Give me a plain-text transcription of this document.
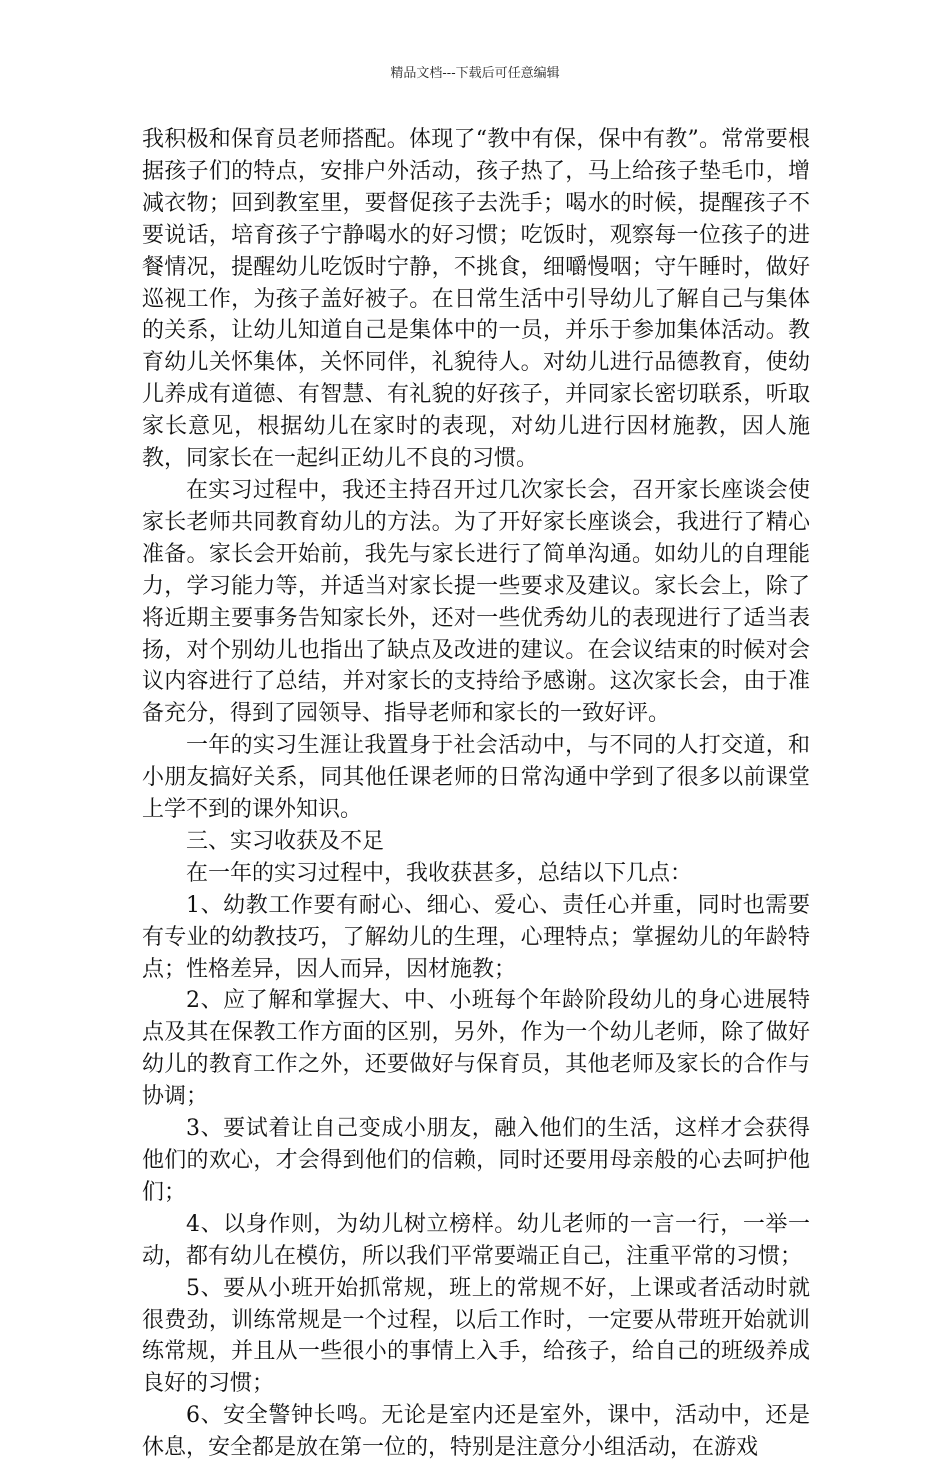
精品文档---下载后可任意编辑

我积极和保育员老师搭配。体现了“教中有保，保中有教”。常常要根据孩子们的特点，安排户外活动，孩子热了，马上给孩子垫毛巾，增减衣物；回到教室里，要督促孩子去洗手；喝水的时候，提醒孩子不要说话，培育孩子宁静喝水的好习惯；吃饭时，观察每一位孩子的进餐情况，提醒幼儿吃饭时宁静，不挑食，细嚼慢咽；守午睡时，做好巡视工作，为孩子盖好被子。在日常生活中引导幼儿了解自己与集体的关系，让幼儿知道自己是集体中的一员，并乐于参加集体活动。教育幼儿关怀集体，关怀同伴，礼貌待人。对幼儿进行品德教育，使幼儿养成有道德、有智慧、有礼貌的好孩子，并同家长密切联系，听取家长意见，根据幼儿在家时的表现，对幼儿进行因材施教，因人施教，同家长在一起纠正幼儿不良的习惯。

在实习过程中，我还主持召开过几次家长会，召开家长座谈会使家长老师共同教育幼儿的方法。为了开好家长座谈会，我进行了精心准备。家长会开始前，我先与家长进行了简单沟通。如幼儿的自理能力，学习能力等，并适当对家长提一些要求及建议。家长会上，除了将近期主要事务告知家长外，还对一些优秀幼儿的表现进行了适当表扬，对个别幼儿也指出了缺点及改进的建议。在会议结束的时候对会议内容进行了总结，并对家长的支持给予感谢。这次家长会，由于准备充分，得到了园领导、指导老师和家长的一致好评。

一年的实习生涯让我置身于社会活动中，与不同的人打交道，和小朋友搞好关系，同其他任课老师的日常沟通中学到了很多以前课堂上学不到的课外知识。

三、实习收获及不足

在一年的实习过程中，我收获甚多，总结以下几点：

1、幼教工作要有耐心、细心、爱心、责任心并重，同时也需要有专业的幼教技巧，了解幼儿的生理，心理特点；掌握幼儿的年龄特点；性格差异，因人而异，因材施教；

2、应了解和掌握大、中、小班每个年龄阶段幼儿的身心进展特点及其在保教工作方面的区别，另外，作为一个幼儿老师，除了做好幼儿的教育工作之外，还要做好与保育员，其他老师及家长的合作与协调；

3、要试着让自己变成小朋友，融入他们的生活，这样才会获得他们的欢心，才会得到他们的信赖，同时还要用母亲般的心去呵护他们；

4、以身作则，为幼儿树立榜样。幼儿老师的一言一行，一举一动，都有幼儿在模仿，所以我们平常要端正自己，注重平常的习惯；

5、要从小班开始抓常规，班上的常规不好，上课或者活动时就很费劲，训练常规是一个过程，以后工作时，一定要从带班开始就训练常规，并且从一些很小的事情上入手，给孩子，给自己的班级养成良好的习惯；

6、安全警钟长鸣。无论是室内还是室外，课中，活动中，还是休息，安全都是放在第一位的，特别是注意分小组活动，在游戏
